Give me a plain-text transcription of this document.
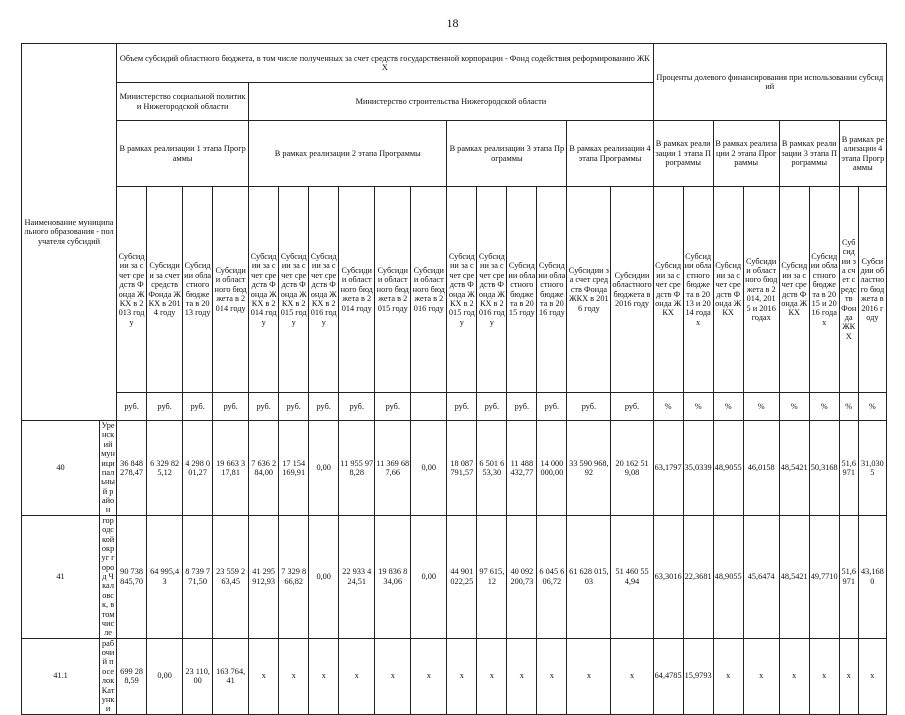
18
Наименование муниципального образования - получателя субсидий		Объем субсидий областного бюджета, в том числе полученных за счет средств государственной корпорации - Фонд содействия реформированию ЖКХ																Проценты долевого финансирования при использовании субсидий							
		Министерство социальной политики Нижегородской области				Министерство строительства Нижегородской области																			
		В рамках реализации 1 этапа Программы				В рамках реализации 2 этапа Программы						В рамках реализации 3 этапа Программы				В рамках реализации 4 этапа Программы		В рамках реализации 1 этапа Программы		В рамках реализации 2 этапа Программы		В рамках реализации 3 этапа Программы		В рамках реализации 4 этапа Программы	
		Субсидии за счет средств Фонда ЖКХ в 2013 году	Субсидии за счет средств Фонда ЖКХ в 2014 году	Субсидии областного бюджета в 2013 году	Субсидии областного бюджета в 2014 году	Субсидии за счет средств Фонда ЖКХ в 2014 году	Субсидии за счет средств Фонда ЖКХ в 2015 году	Субсидии за счет средств Фонда ЖКХ в 2016 году	Субсидии областного бюджета в 2014 году	Субсидии областного бюджета в 2015 году	Субсидии областного бюджета в 2016 году	Субсидии за счет средств Фонда ЖКХ в 2015 году	Субсидии за счет средств Фонда ЖКХ в 2016 году	Субсидии областного бюджета в 2015 году	Субсидии областного бюджета в 2016 году	Субсидии за счет средств Фонда ЖКХ в 2016 году	Субсидии областного бюджета в 2016 году	Субсидии за счет средств Фонда ЖКХ	Субсидии областного бюджета в 2013 и 2014 годах	Субсидии за счет средств Фонда ЖКХ	Субсидии областного бюджета в 2014, 2015 и 2016 годах	Субсидии за счет средств Фонда ЖКХ	Субсидии областного бюджета в 2015 и 2016 годах	Субсидии за счет средств Фонда ЖКХ	Субсидии областного бюджета в 2016 году
		руб.	руб.	руб.	руб.	руб.	руб.	руб.	руб.	руб.		руб.	руб.	руб.	руб.	руб.	руб.	%	%	%	%	%	%	%	%
40	Уренский муниципальный район	36 848 278,47	6 329 825,12	4 298 001,27	19 663 317,81	7 636 284,00	17 154 169,91	0,00	11 955 978,28	11 369 687,66	0,00	18 087 791,57	6 501 653,30	11 488 432,77	14 000 000,00	33 590 968,92	20 162 519,08	63,1797	35,0339	48,9055	46,0158	48,5421	50,3168	51,6971	31,0305
41	городской округ город Чкаловск, в том числе	90 738 845,70	64 995,43	8 739 771,50	23 559 263,45	41 295 912,93	7 329 866,82	0,00	22 933 424,51	19 836 834,06	0,00	44 901 022,25	97 615,12	40 092 200,73	6 045 606,72	61 628 015,03	51 460 554,94	63,3016	22,3681	48,9055	45,6474	48,5421	49,7710	51,6971	43,1680
41.1	рабочий поселок Катунки	699 288,59	0,00	23 110,00	163 764,41	x	x	x	x	x	x	x	x	x	x	x	x	64,4785	15,9793	x	x	x	x	x	x
